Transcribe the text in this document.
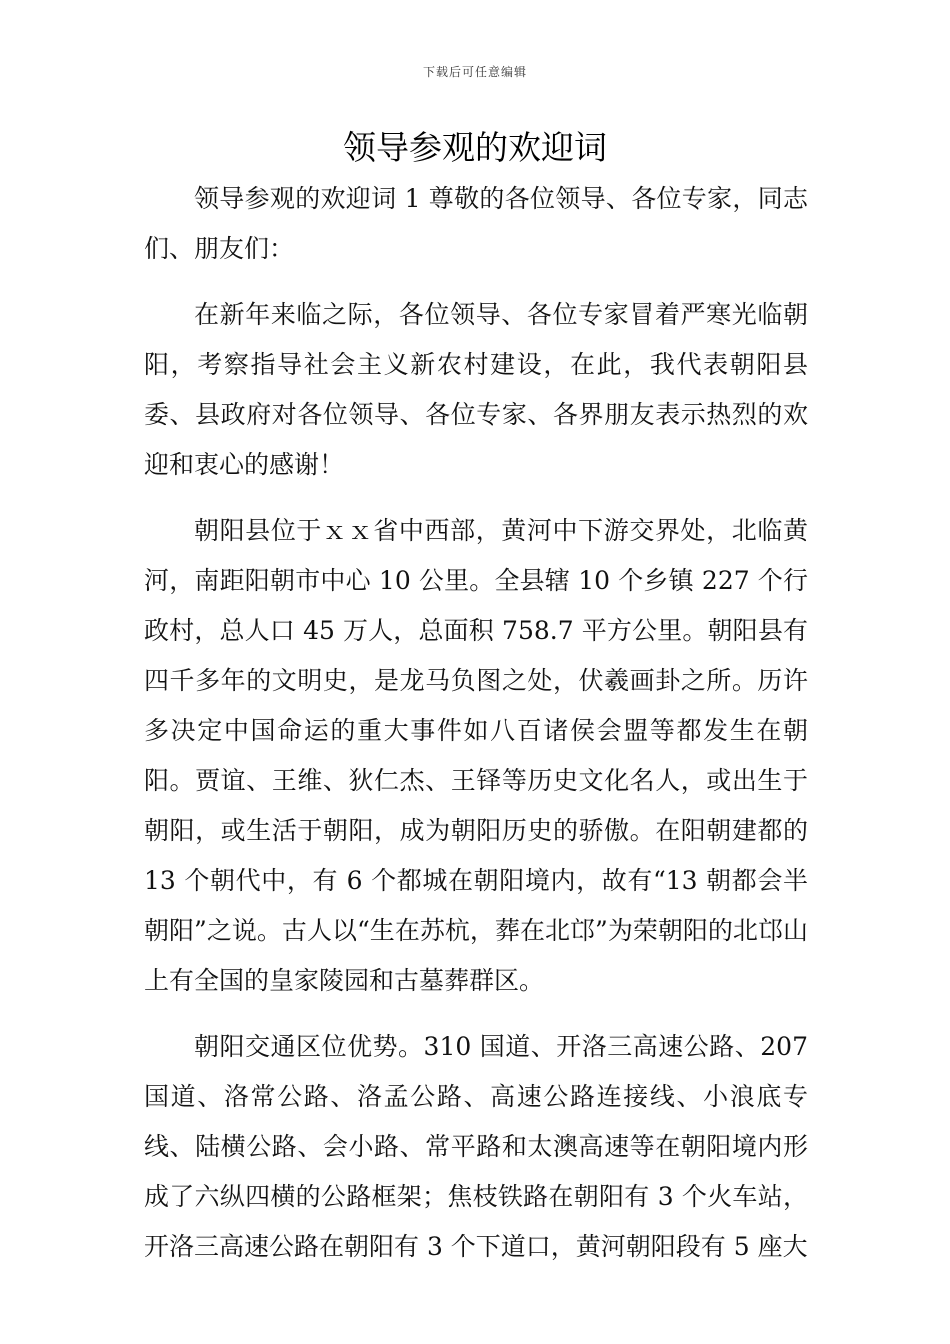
下载后可任意编辑
领导参观的欢迎词

领导参观的欢迎词 1 尊敬的各位领导、各位专家，同志们、朋友们：

在新年来临之际，各位领导、各位专家冒着严寒光临朝阳，考察指导社会主义新农村建设，在此，我代表朝阳县委、县政府对各位领导、各位专家、各界朋友表示热烈的欢迎和衷心的感谢！

朝阳县位于ｘｘ省中西部，黄河中下游交界处，北临黄河，南距阳朝市中心 10 公里。全县辖 10 个乡镇 227 个行政村，总人口 45 万人，总面积 758.7 平方公里。朝阳县有四千多年的文明史，是龙马负图之处，伏羲画卦之所。历许多决定中国命运的重大事件如八百诸侯会盟等都发生在朝阳。贾谊、王维、狄仁杰、王铎等历史文化名人，或出生于朝阳，或生活于朝阳，成为朝阳历史的骄傲。在阳朝建都的 13 个朝代中，有 6 个都城在朝阳境内，故有“13 朝都会半朝阳”之说。古人以“生在苏杭，葬在北邙”为荣朝阳的北邙山上有全国的皇家陵园和古墓葬群区。

朝阳交通区位优势。310 国道、开洛三高速公路、207 国道、洛常公路、洛孟公路、高速公路连接线、小浪底专线、陆横公路、会小路、常平路和太澳高速等在朝阳境内形成了六纵四横的公路框架；焦枝铁路在朝阳有 3 个火车站，开洛三高速公路在朝阳有 3 个下道口，黄河朝阳段有 5 座大
